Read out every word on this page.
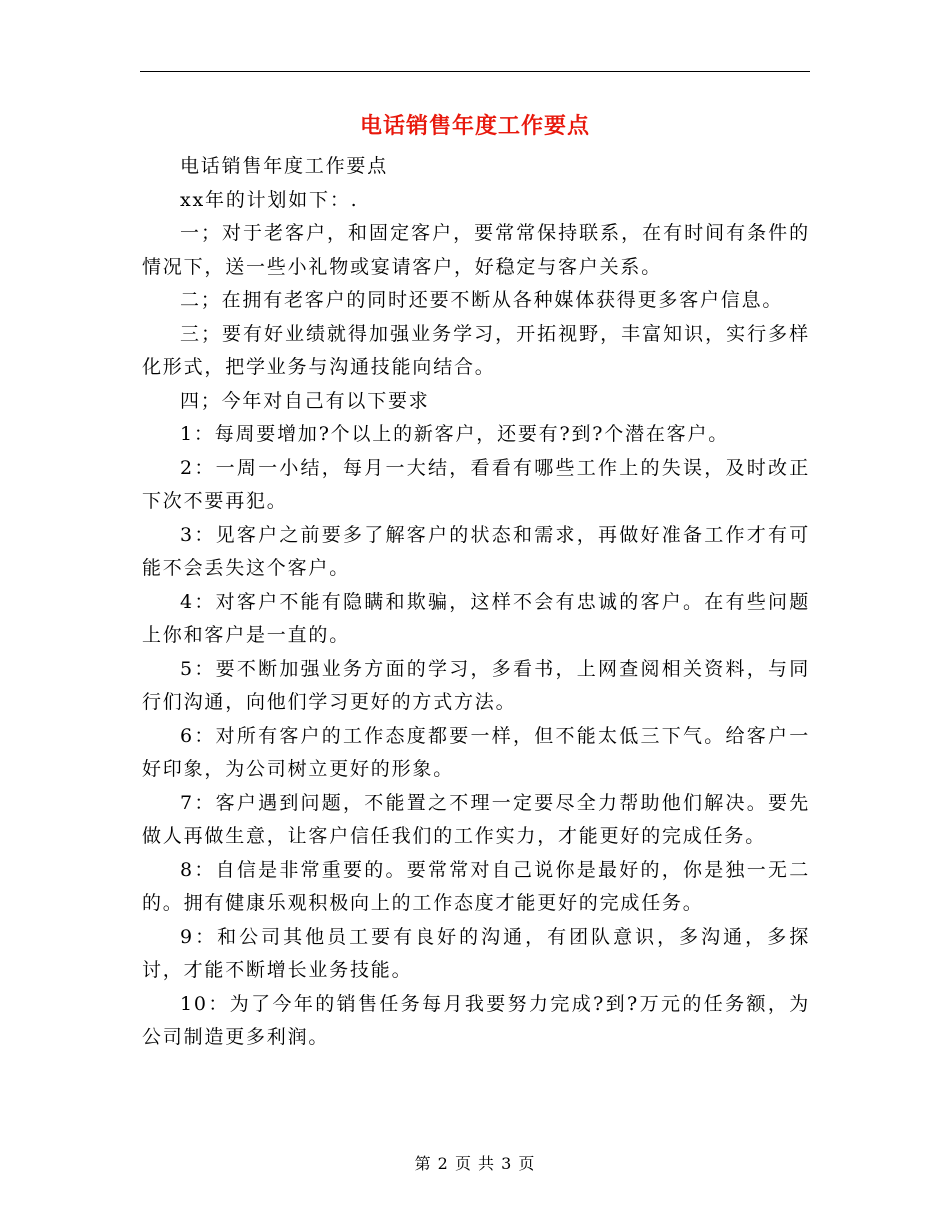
电话销售年度工作要点

电话销售年度工作要点

xx年的计划如下：.

一；对于老客户，和固定客户，要常常保持联系，在有时间有条件的情况下，送一些小礼物或宴请客户，好稳定与客户关系。

二；在拥有老客户的同时还要不断从各种媒体获得更多客户信息。

三；要有好业绩就得加强业务学习，开拓视野，丰富知识，实行多样化形式，把学业务与沟通技能向结合。

四；今年对自己有以下要求

1：每周要增加?个以上的新客户，还要有?到?个潜在客户。

2：一周一小结，每月一大结，看看有哪些工作上的失误，及时改正下次不要再犯。

3：见客户之前要多了解客户的状态和需求，再做好准备工作才有可能不会丢失这个客户。

4：对客户不能有隐瞒和欺骗，这样不会有忠诚的客户。在有些问题上你和客户是一直的。

5：要不断加强业务方面的学习，多看书，上网查阅相关资料，与同行们沟通，向他们学习更好的方式方法。

6：对所有客户的工作态度都要一样，但不能太低三下气。给客户一好印象，为公司树立更好的形象。

7：客户遇到问题，不能置之不理一定要尽全力帮助他们解决。要先做人再做生意，让客户信任我们的工作实力，才能更好的完成任务。

8：自信是非常重要的。要常常对自己说你是最好的，你是独一无二的。拥有健康乐观积极向上的工作态度才能更好的完成任务。

9：和公司其他员工要有良好的沟通，有团队意识，多沟通，多探讨，才能不断增长业务技能。

10：为了今年的销售任务每月我要努力完成?到?万元的任务额，为公司制造更多利润。

第 2 页 共 3 页
